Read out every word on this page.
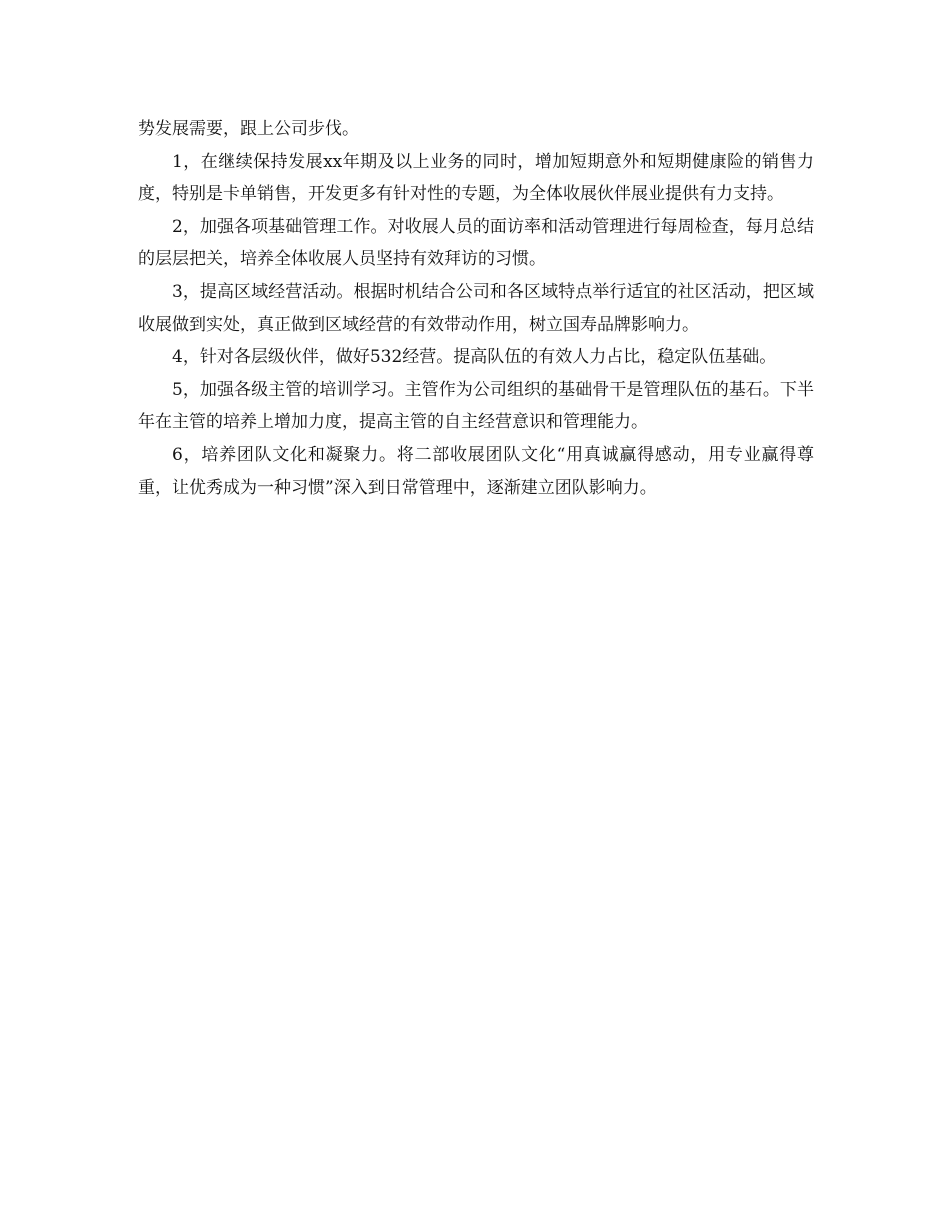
势发展需要，跟上公司步伐。

1，在继续保持发展xx年期及以上业务的同时，增加短期意外和短期健康险的销售力度，特别是卡单销售，开发更多有针对性的专题，为全体收展伙伴展业提供有力支持。

2，加强各项基础管理工作。对收展人员的面访率和活动管理进行每周检查，每月总结的层层把关，培养全体收展人员坚持有效拜访的习惯。

3，提高区域经营活动。根据时机结合公司和各区域特点举行适宜的社区活动，把区域收展做到实处，真正做到区域经营的有效带动作用，树立国寿品牌影响力。

4，针对各层级伙伴，做好532经营。提高队伍的有效人力占比，稳定队伍基础。

5，加强各级主管的培训学习。主管作为公司组织的基础骨干是管理队伍的基石。下半年在主管的培养上增加力度，提高主管的自主经营意识和管理能力。

6，培养团队文化和凝聚力。将二部收展团队文化“用真诚赢得感动，用专业赢得尊重，让优秀成为一种习惯”深入到日常管理中，逐渐建立团队影响力。
